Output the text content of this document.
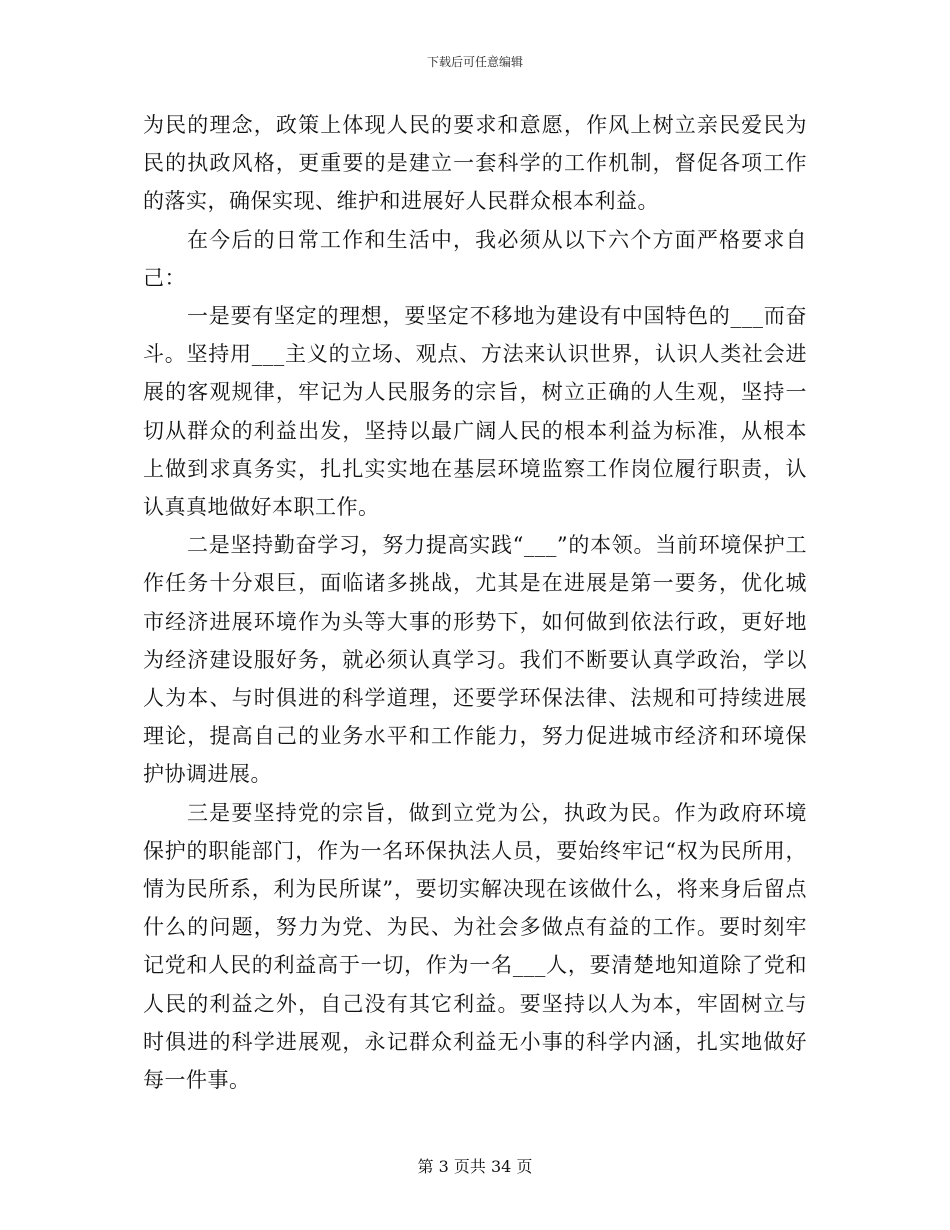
下载后可任意编辑

为民的理念，政策上体现人民的要求和意愿，作风上树立亲民爱民为民的执政风格，更重要的是建立一套科学的工作机制，督促各项工作的落实，确保实现、维护和进展好人民群众根本利益。

在今后的日常工作和生活中，我必须从以下六个方面严格要求自己：

一是要有坚定的理想，要坚定不移地为建设有中国特色的___而奋斗。坚持用___主义的立场、观点、方法来认识世界，认识人类社会进展的客观规律，牢记为人民服务的宗旨，树立正确的人生观，坚持一切从群众的利益出发，坚持以最广阔人民的根本利益为标准，从根本上做到求真务实，扎扎实实地在基层环境监察工作岗位履行职责，认认真真地做好本职工作。

二是坚持勤奋学习，努力提高实践“___”的本领。当前环境保护工作任务十分艰巨，面临诸多挑战，尤其是在进展是第一要务，优化城市经济进展环境作为头等大事的形势下，如何做到依法行政，更好地为经济建设服好务，就必须认真学习。我们不断要认真学政治，学以人为本、与时俱进的科学道理，还要学环保法律、法规和可持续进展理论，提高自己的业务水平和工作能力，努力促进城市经济和环境保护协调进展。

三是要坚持党的宗旨，做到立党为公，执政为民。作为政府环境保护的职能部门，作为一名环保执法人员，要始终牢记“权为民所用，情为民所系，利为民所谋”，要切实解决现在该做什么，将来身后留点什么的问题，努力为党、为民、为社会多做点有益的工作。要时刻牢记党和人民的利益高于一切，作为一名___人，要清楚地知道除了党和人民的利益之外，自己没有其它利益。要坚持以人为本，牢固树立与时俱进的科学进展观，永记群众利益无小事的科学内涵，扎实地做好每一件事。

第 3 页共 34 页
